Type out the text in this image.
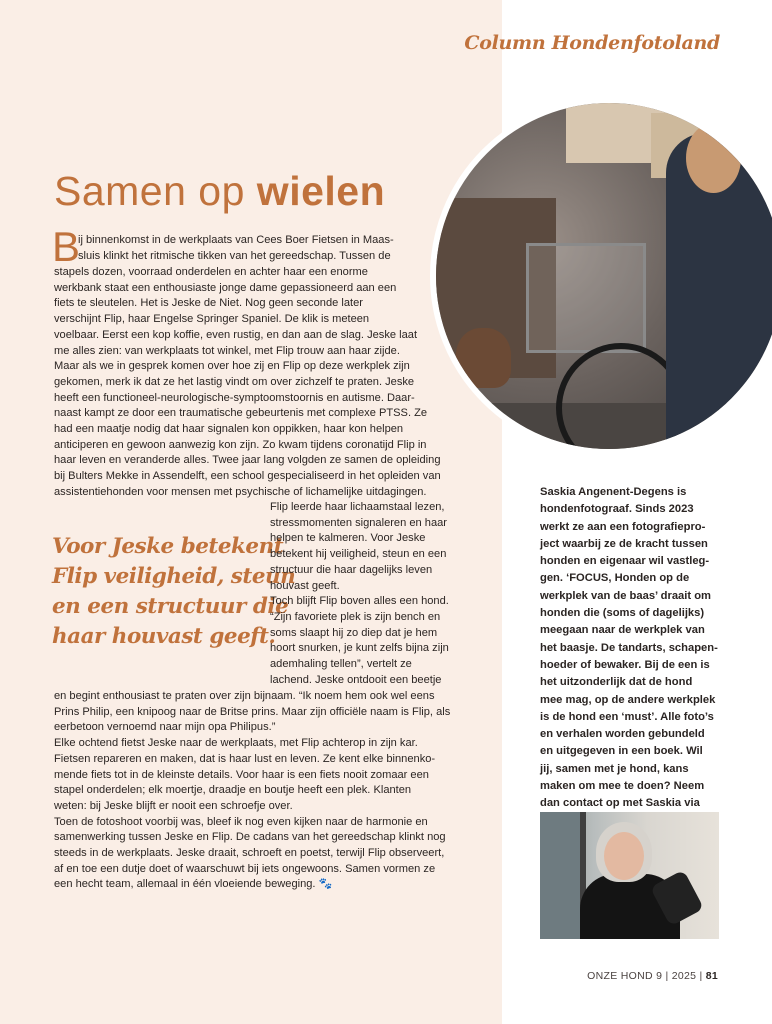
Column Hondenfotoland
Samen op wielen
B
ij binnenkomst in de werkplaats van Cees Boer Fietsen in Maas-
sluis klinkt het ritmische tikken van het gereedschap. Tussen de
stapels dozen, voorraad onderdelen en achter haar een enorme
werkbank staat een enthousiaste jonge dame gepassioneerd aan een
fiets te sleutelen. Het is Jeske de Niet. Nog geen seconde later
verschijnt Flip, haar Engelse Springer Spaniel. De klik is meteen
voelbaar. Eerst een kop koffie, even rustig, en dan aan de slag. Jeske laat
me alles zien: van werkplaats tot winkel, met Flip trouw aan haar zijde.
Maar als we in gesprek komen over hoe zij en Flip op deze werkplek zijn
gekomen, merk ik dat ze het lastig vindt om over zichzelf te praten. Jeske
heeft een functioneel-neurologische-symptoomstoornis en autisme. Daar-
naast kampt ze door een traumatische gebeurtenis met complexe PTSS. Ze
had een maatje nodig dat haar signalen kon oppikken, haar kon helpen
anticiperen en gewoon aanwezig kon zijn. Zo kwam tijdens coronatijd Flip in
haar leven en veranderde alles. Twee jaar lang volgden ze samen de opleiding
bij Bulters Mekke in Assendelft, een school gespecialiseerd in het opleiden van
assistentiehonden voor mensen met psychische of lichamelijke uitdagingen.
Voor Jeske betekent
Flip veiligheid, steun
en een structuur die
haar houvast geeft.
Flip leerde haar lichaamstaal lezen,
stressmomenten signaleren en haar
helpen te kalmeren. Voor Jeske
betekent hij veiligheid, steun en een
structuur die haar dagelijks leven
houvast geeft.
Toch blijft Flip boven alles een hond.
“Zijn favoriete plek is zijn bench en
soms slaapt hij zo diep dat je hem
hoort snurken, je kunt zelfs bijna zijn
ademhaling tellen”, vertelt ze
lachend. Jeske ontdooit een beetje
en begint enthousiast te praten over zijn bijnaam. “Ik noem hem ook wel eens
Prins Philip, een knipoog naar de Britse prins. Maar zijn officiële naam is Flip, als
eerbetoon vernoemd naar mijn opa Philipus.”
Elke ochtend fietst Jeske naar de werkplaats, met Flip achterop in zijn kar.
Fietsen repareren en maken, dat is haar lust en leven. Ze kent elke binnenko-
mende fiets tot in de kleinste details. Voor haar is een fiets nooit zomaar een
stapel onderdelen; elk moertje, draadje en boutje heeft een plek. Klanten
weten: bij Jeske blijft er nooit een schroefje over.
Toen de fotoshoot voorbij was, bleef ik nog even kijken naar de harmonie en
samenwerking tussen Jeske en Flip. De cadans van het gereedschap klinkt nog
steeds in de werkplaats. Jeske draait, schroeft en poetst, terwijl Flip observeert,
af en toe een dutje doet of waarschuwt bij iets ongewoons. Samen vormen ze
een hecht team, allemaal in één vloeiende beweging. 🐾
Saskia Angenent-Degens is
hondenfotograaf. Sinds 2023
werkt ze aan een fotografiepro-
ject waarbij ze de kracht tussen
honden en eigenaar wil vastleg-
gen. ‘FOCUS, Honden op de
werkplek van de baas’ draait om
honden die (soms of dagelijks)
meegaan naar de werkplek van
het baasje. De tandarts, schapen-
hoeder of bewaker. Bij de een is
het uitzonderlijk dat de hond
mee mag, op de andere werkplek
is de hond een ‘must’. Alle foto’s
en verhalen worden gebundeld
en uitgegeven in een boek. Wil
jij, samen met je hond, kans
maken om mee te doen? Neem
dan contact op met Saskia via
ONZE HOND 9 | 2025 | 81
